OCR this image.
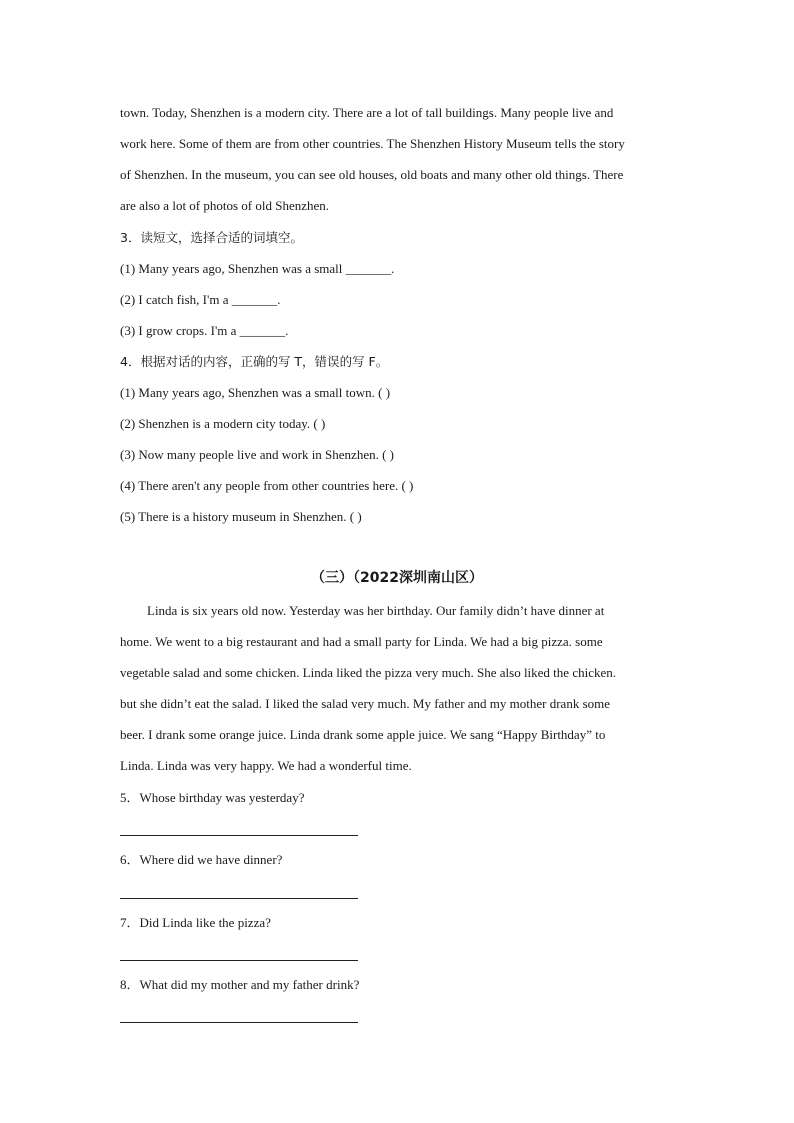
town. Today, Shenzhen is a modern city. There are a lot of tall buildings. Many people live and
work here. Some of them are from other countries. The Shenzhen History Museum tells the story
of Shenzhen. In the museum, you can see old houses, old boats and many other old things. There
are also a lot of photos of old Shenzhen.
3．读短文，选择合适的词填空。
(1) Many years ago, Shenzhen was a small _______.
(2) I catch fish, I'm a _______.
(3) I grow crops. I'm a _______.
4．根据对话的内容，正确的写 T，错误的写 F。
(1) Many years ago, Shenzhen was a small town. ( )
(2) Shenzhen is a modern city today. ( )
(3) Now many people live and work in Shenzhen. ( )
(4) There aren't any people from other countries here. ( )
(5) There is a history museum in Shenzhen. ( )
（三）（2022深圳南山区）
Linda is six years old now. Yesterday was her birthday. Our family didn’t have dinner at
home. We went to a big restaurant and had a small party for Linda. We had a big pizza. some
vegetable salad and some chicken. Linda liked the pizza very much. She also liked the chicken.
but she didn’t eat the salad. I liked the salad very much. My father and my mother drank some
beer. I drank some orange juice. Linda drank some apple juice. We sang “Happy Birthday” to
Linda. Linda was very happy. We had a wonderful time.
5．Whose birthday was yesterday?
6．Where did we have dinner?
7．Did Linda like the pizza?
8．What did my mother and my father drink?
